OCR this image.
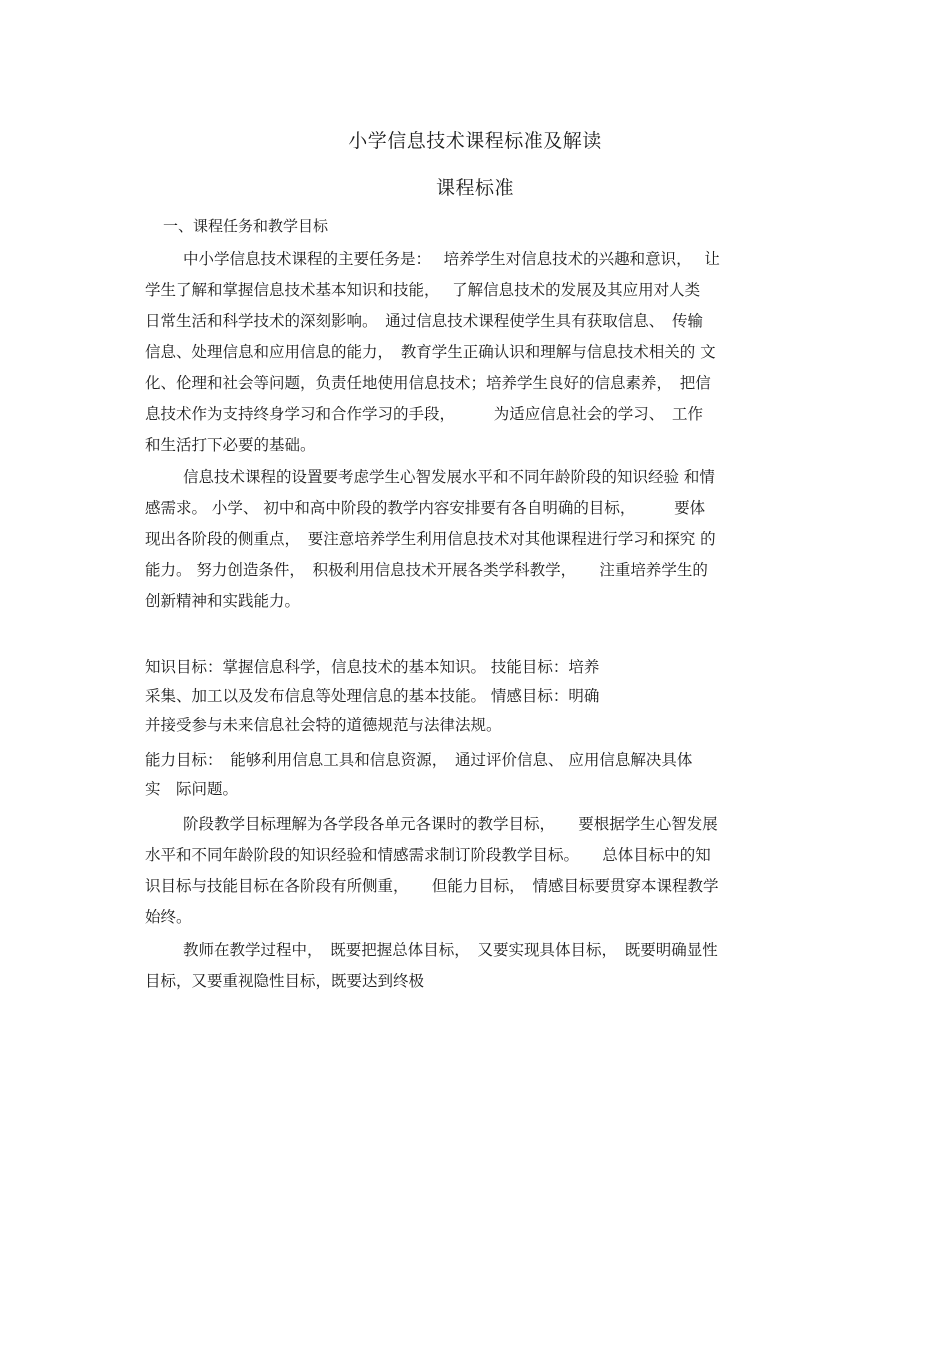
小学信息技术课程标准及解读
课程标准
一、课程任务和教学目标
中小学信息技术课程的主要任务是：　 培养学生对信息技术的兴趣和意识，　 让
学生了解和掌握信息技术基本知识和技能，　 了解信息技术的发展及其应用对人类
日常生活和科学技术的深刻影响。　通过信息技术课程使学生具有获取信息、　传输
信息、处理信息和应用信息的能力，　教育学生正确认识和理解与信息技术相关的 文
化、伦理和社会等问题，负责任地使用信息技术；培养学生良好的信息素养，　把信
息技术作为支持终身学习和合作学习的手段，　　　为适应信息社会的学习、　工作
和生活打下必要的基础。
信息技术课程的设置要考虑学生心智发展水平和不同年龄阶段的知识经验 和情
感需求。 小学、 初中和高中阶段的教学内容安排要有各自明确的目标，　　　要体
现出各阶段的侧重点，　要注意培养学生利用信息技术对其他课程进行学习和探究 的
能力。 努力创造条件，　积极利用信息技术开展各类学科教学，　　注重培养学生的
创新精神和实践能力。
知识目标：掌握信息科学，信息技术的基本知识。 技能目标：培养
采集、加工以及发布信息等处理信息的基本技能。 情感目标：明确
并接受参与未来信息社会特的道德规范与法律法规。
能力目标：　能够利用信息工具和信息资源，　通过评价信息、 应用信息解决具体
实　际问题。
阶段教学目标理解为各学段各单元各课时的教学目标，　　要根据学生心智发展
水平和不同年龄阶段的知识经验和情感需求制订阶段教学目标。　　总体目标中的知
识目标与技能目标在各阶段有所侧重，　　但能力目标，　情感目标要贯穿本课程教学
始终。
教师在教学过程中，　既要把握总体目标，　又要实现具体目标，　既要明确显性
目标，又要重视隐性目标，既要达到终极
